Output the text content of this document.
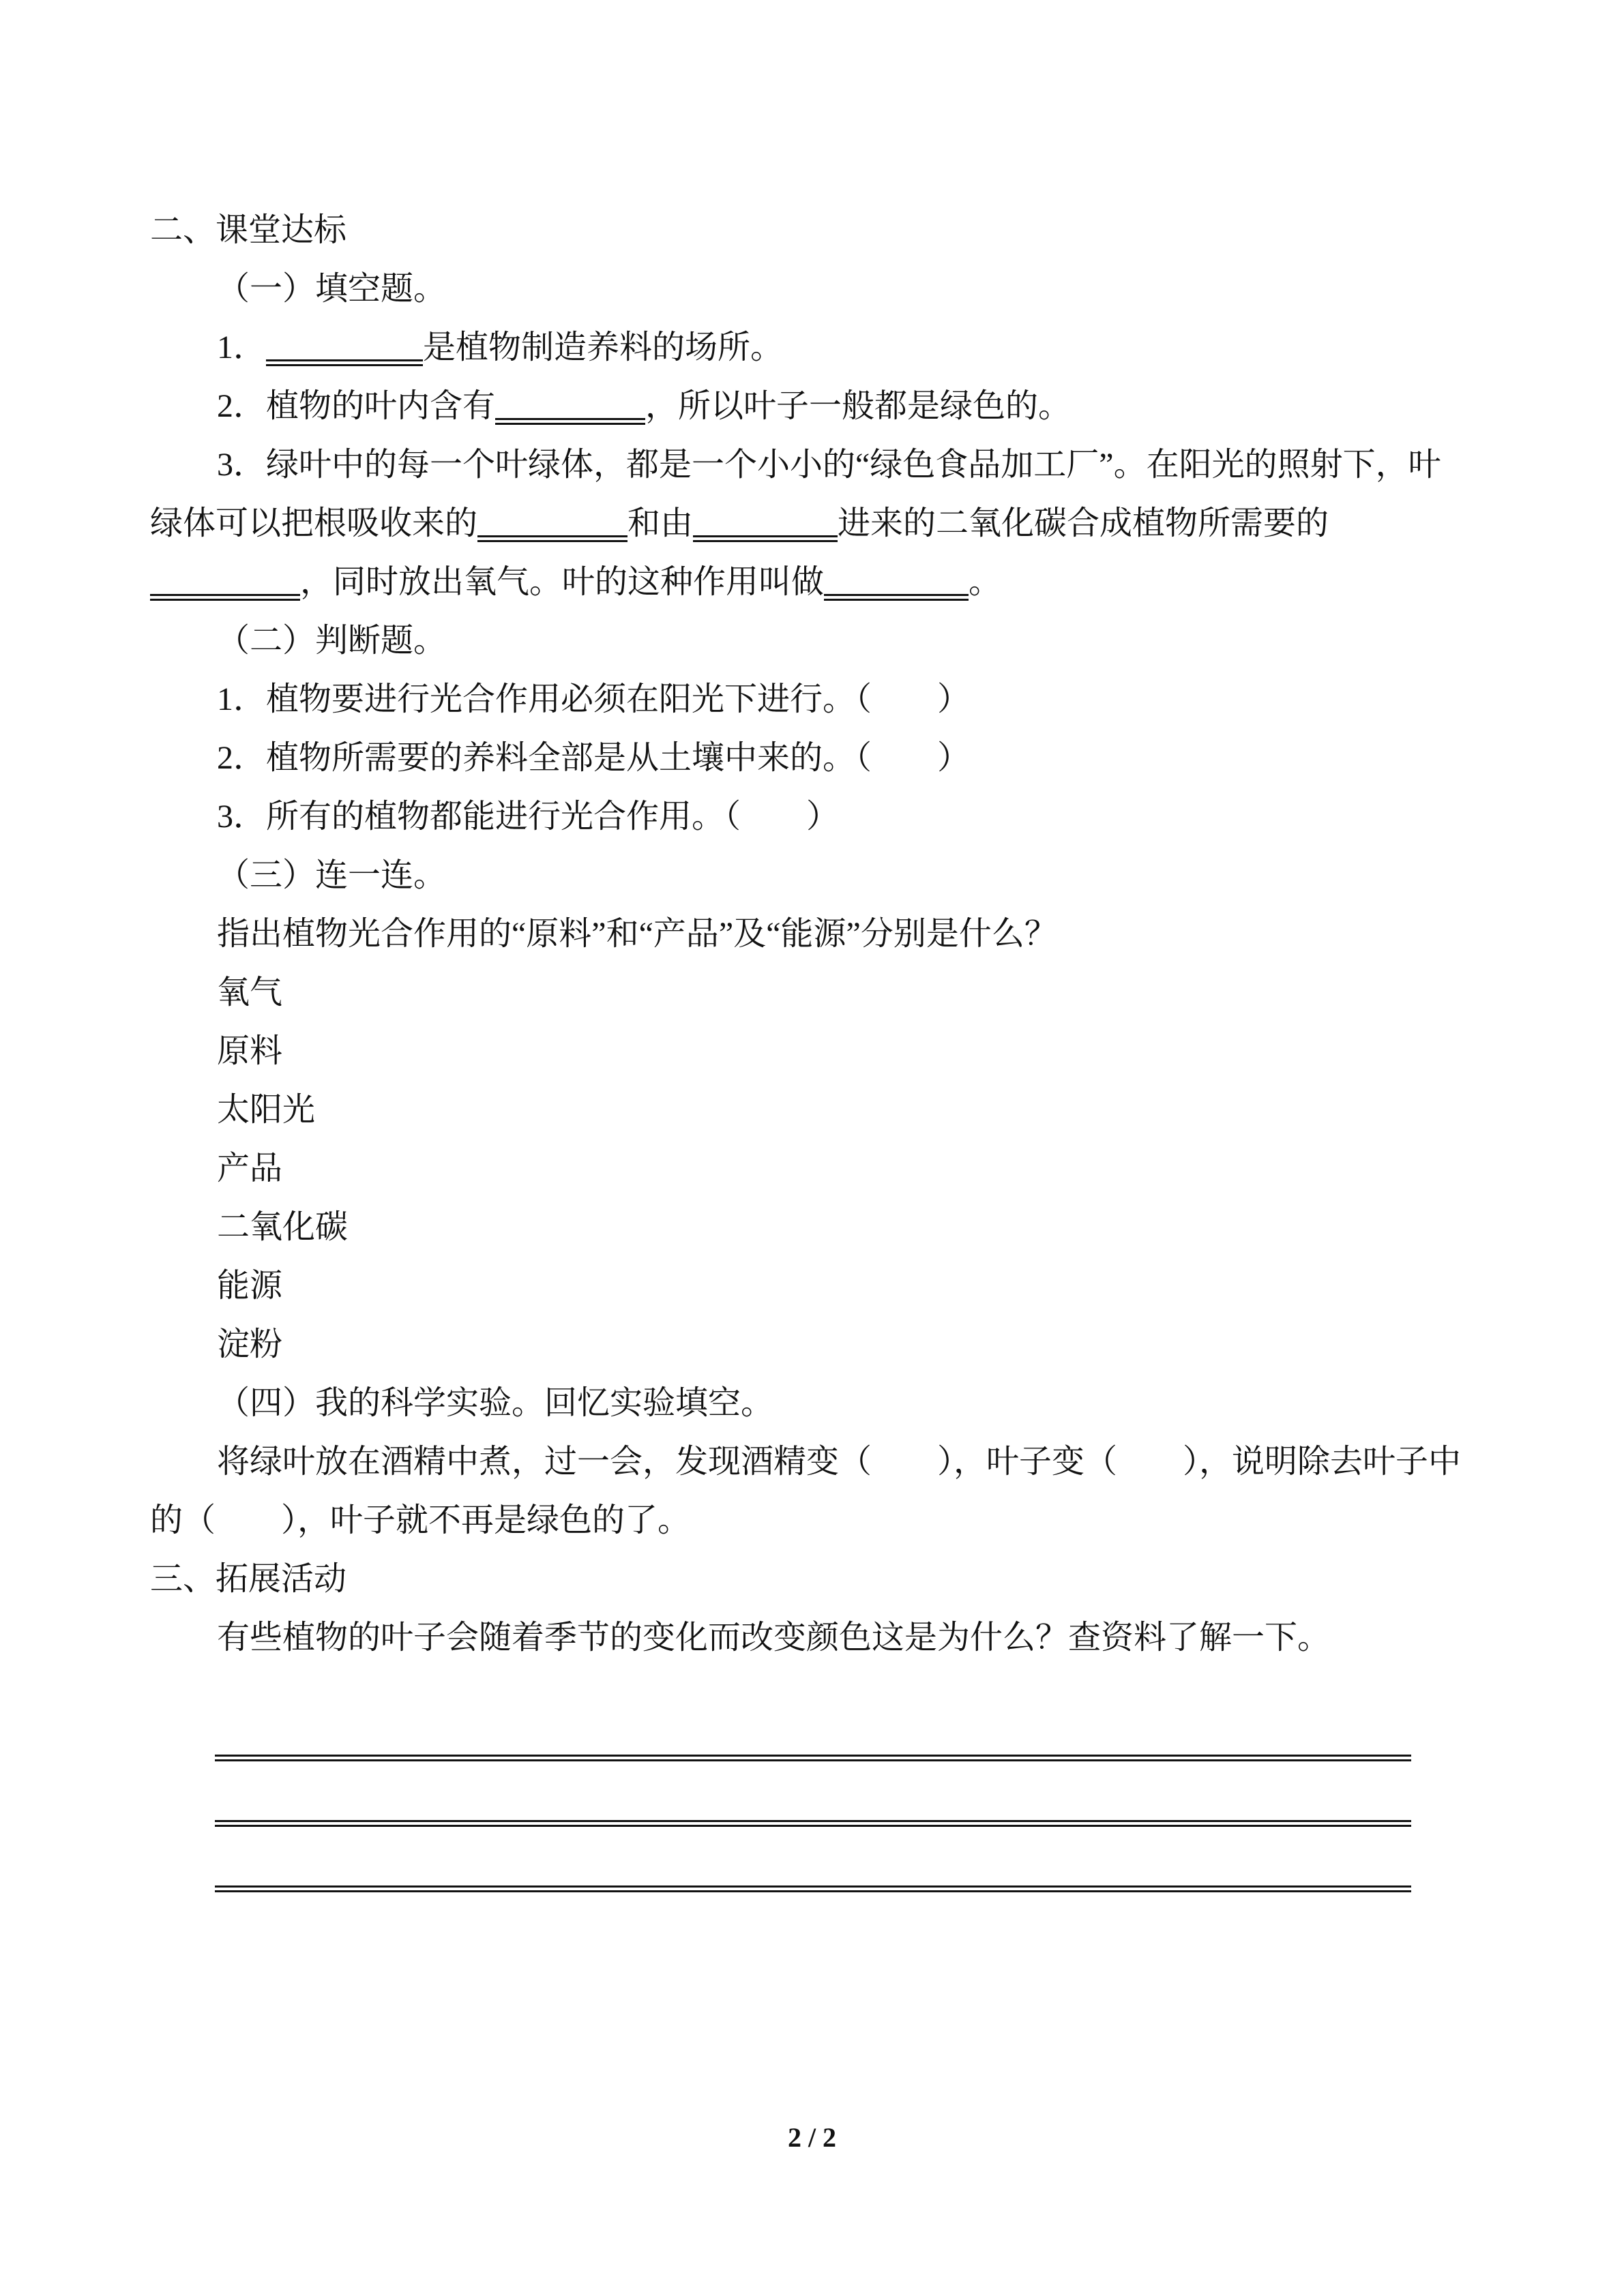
二、课堂达标

（一）填空题。

1．	是植物制造养料的场所。

2．植物的叶内含有	，所以叶子一般都是绿色的。

3．绿叶中的每一个叶绿体，都是一个小小的“绿色食品加工厂”。在阳光的照射下，叶

绿体可以把根吸收来的	和由	进来的二氧化碳合成植物所需要的

，同时放出氧气。叶的这种作用叫做	。

（二）判断题。

1．植物要进行光合作用必须在阳光下进行。（　　）

2．植物所需要的养料全部是从土壤中来的。（　　）

3．所有的植物都能进行光合作用。（　　）

（三）连一连。

指出植物光合作用的“原料”和“产品”及“能源”分别是什么？

氧气

原料

太阳光

产品

二氧化碳

能源

淀粉

（四）我的科学实验。回忆实验填空。

将绿叶放在酒精中煮，过一会，发现酒精变（　　），叶子变（　　），说明除去叶子中

的（　　），叶子就不再是绿色的了。

三、拓展活动

有些植物的叶子会随着季节的变化而改变颜色这是为什么？查资料了解一下。

2 / 2
